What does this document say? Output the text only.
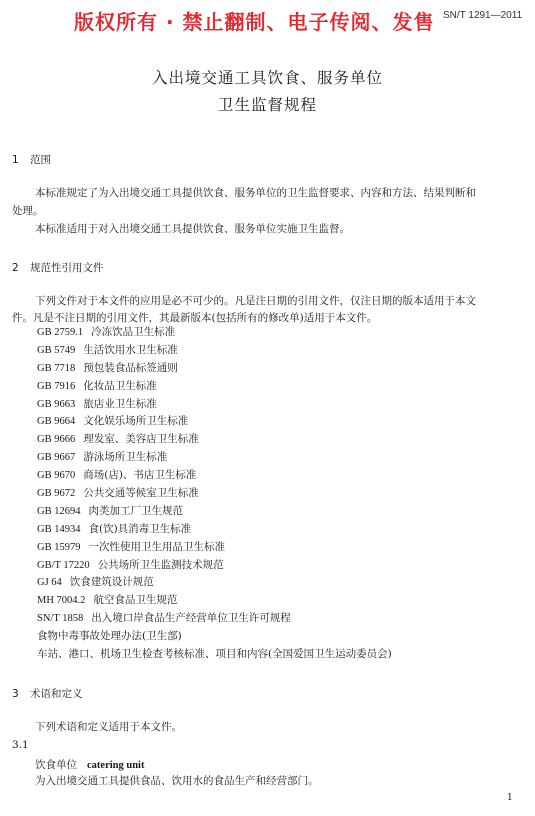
版权所有 · 禁止翻制、电子传阅、发售 SN/T 1291—2011
入出境交通工具饮食、服务单位
卫生监督规程
1 范围
本标准规定了为入出境交通工具提供饮食、服务单位的卫生监督要求、内容和方法、结果判断和
处理。
本标准适用于对入出境交通工具提供饮食、服务单位实施卫生监督。
2 规范性引用文件
下列文件对于本文件的应用是必不可少的。凡是注日期的引用文件，仅注日期的版本适用于本文
件。凡是不注日期的引用文件，其最新版本(包括所有的修改单)适用于本文件。
GB 2759.1 冷冻饮品卫生标准
GB 5749 生活饮用水卫生标准
GB 7718 预包装食品标签通则
GB 7916 化妆品卫生标准
GB 9663 旅店业卫生标准
GB 9664 文化娱乐场所卫生标准
GB 9666 理发室、美容店卫生标准
GB 9667 游泳场所卫生标准
GB 9670 商场(店)、书店卫生标准
GB 9672 公共交通等候室卫生标准
GB 12694 肉类加工厂卫生规范
GB 14934 食(饮)具消毒卫生标准
GB 15979 一次性使用卫生用品卫生标准
GB/T 17220 公共场所卫生监测技术规范
GJ 64 饮食建筑设计规范
MH 7004.2 航空食品卫生规范
SN/T 1858 出入境口岸食品生产经营单位卫生许可规程
食物中毒事故处理办法(卫生部)
车站、港口、机场卫生检查考核标准、项目和内容(全国爱国卫生运动委员会)
3 术语和定义
下列术语和定义适用于本文件。
3.1
饮食单位 catering unit
为入出境交通工具提供食品、饮用水的食品生产和经营部门。
1
